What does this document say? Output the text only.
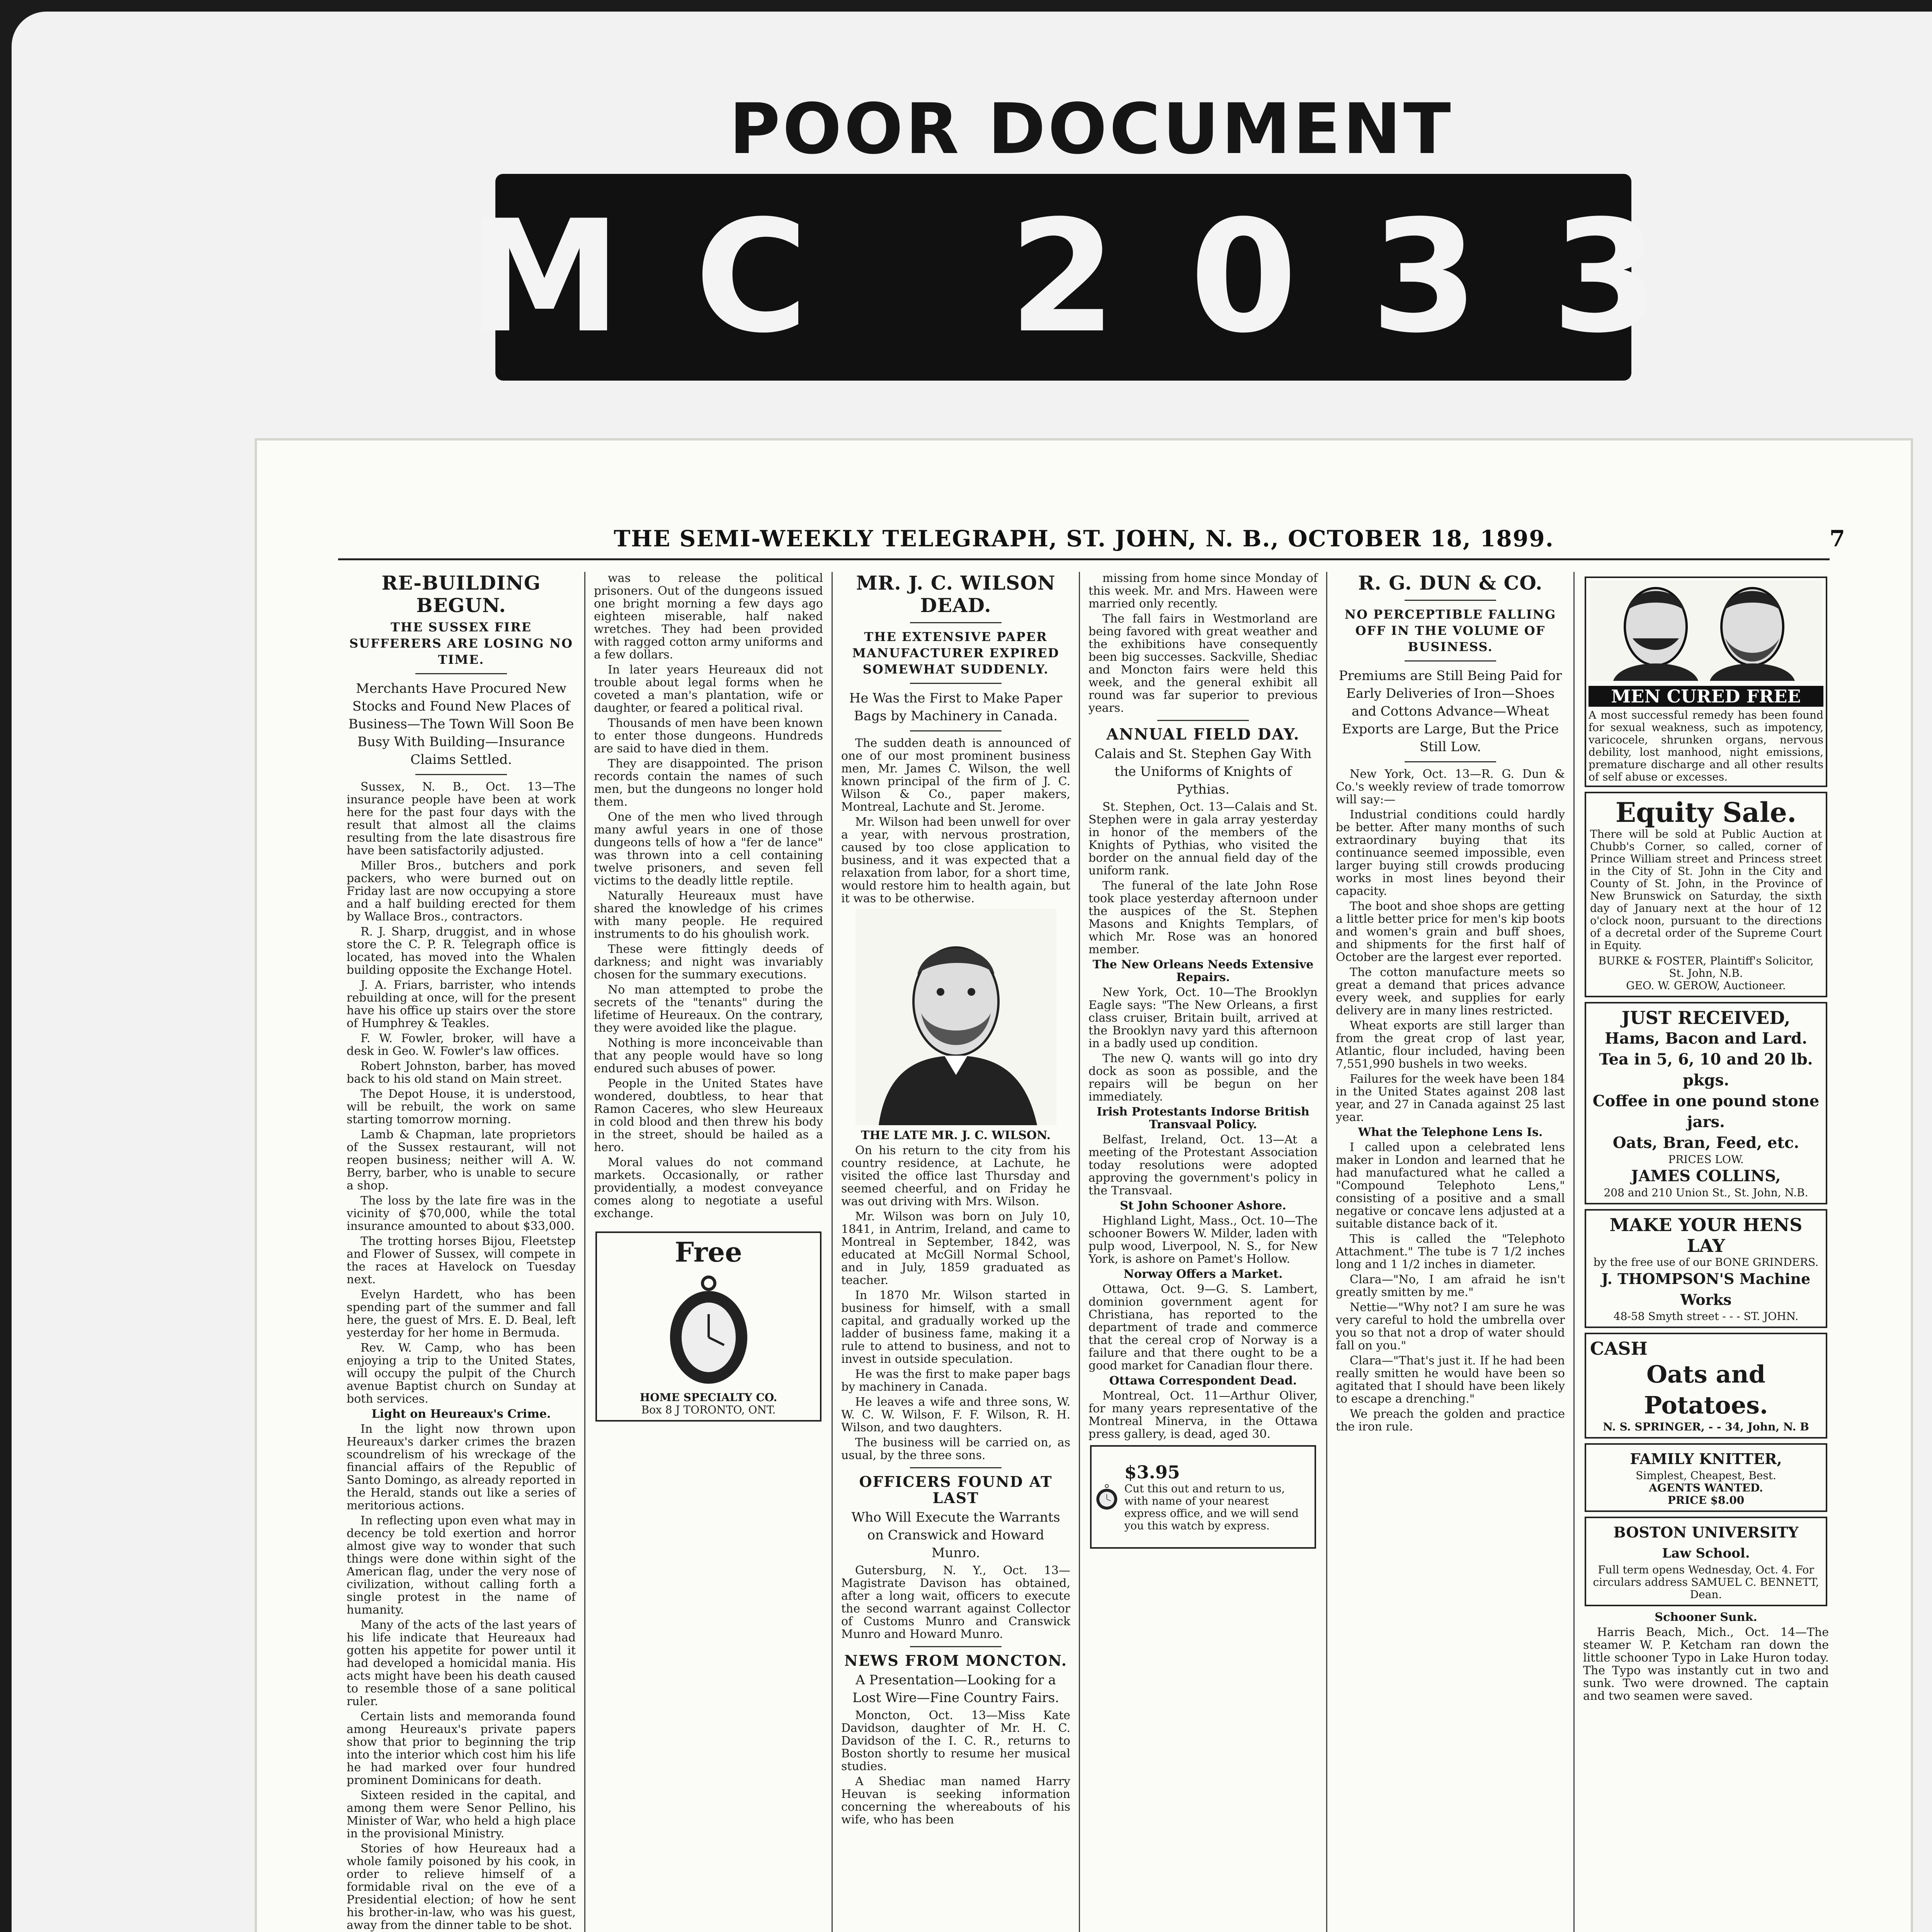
POOR DOCUMENT
MC 2033
THE SEMI-WEEKLY TELEGRAPH, ST. JOHN, N. B., OCTOBER 18, 1899.	7

RE-BUILDING BEGUN.

THE SUSSEX FIRE SUFFERERS ARE LOSING NO TIME.

Merchants Have Procured New Stocks and Found New Places of Business—The Town Will Soon Be Busy With Building—Insurance Claims Settled.

Sussex, N. B., Oct. 13—The insurance people have been at work here for the past four days with the result that almost all the claims resulting from the late disastrous fire have been satisfactorily adjusted.

Miller Bros., butchers and pork packers, who were burned out on Friday last are now occupying a store and a half building erected for them by Wallace Bros., contractors.

R. J. Sharp, druggist, and in whose store the C. P. R. Telegraph office is located, has moved into the Whalen building opposite the Exchange Hotel.

J. A. Friars, barrister, who intends rebuilding at once, will for the present have his office up stairs over the store of Humphrey & Teakles.

F. W. Fowler, broker, will have a desk in Geo. W. Fowler's law offices.

Robert Johnston, barber, has moved back to his old stand on Main street.

The Depot House, it is understood, will be rebuilt, the work on same starting tomorrow morning.

Lamb & Chapman, late proprietors of the Sussex restaurant, will not reopen business; neither will A. W. Berry, barber, who is unable to secure a shop.

The loss by the late fire was in the vicinity of $70,000, while the total insurance amounted to about $33,000.

The trotting horses Bijou, Fleetstep and Flower of Sussex, will compete in the races at Havelock on Tuesday next.

Evelyn Hardett, who has been spending part of the summer and fall here, the guest of Mrs. E. D. Beal, left yesterday for her home in Bermuda.

Rev. W. Camp, who has been enjoying a trip to the United States, will occupy the pulpit of the Church avenue Baptist church on Sunday at both services.

Light on Heureaux's Crime.

In the light now thrown upon Heureaux's darker crimes the brazen scoundrelism of his wreckage of the financial affairs of the Republic of Santo Domingo, as already reported in the Herald, stands out like a series of meritorious actions.

In reflecting upon even what may in decency be told exertion and horror almost give way to wonder that such things were done within sight of the American flag, under the very nose of civilization, without calling forth a single protest in the name of humanity.

Many of the acts of the last years of his life indicate that Heureaux had gotten his appetite for power until it had developed a homicidal mania. His acts might have been his death caused to resemble those of a sane political ruler.

Certain lists and memoranda found among Heureaux's private papers show that prior to beginning the trip into the interior which cost him his life he had marked over four hundred prominent Dominicans for death.

Sixteen resided in the capital, and among them were Senor Pellino, his Minister of War, who held a high place in the provisional Ministry.

Stories of how Heureaux had a whole family poisoned by his cook, in order to relieve himself of a formidable rival on the eve of a Presidential election; of how he sent his brother-in-law, who was his guest, away from the dinner table to be shot.

was to release the political prisoners. Out of the dungeons issued one bright morning a few days ago eighteen miserable, half naked wretches. They had been provided with ragged cotton army uniforms and a few dollars.

In later years Heureaux did not trouble about legal forms when he coveted a man's plantation, wife or daughter, or feared a political rival.

Thousands of men have been known to enter those dungeons. Hundreds are said to have died in them.

They are disappointed. The prison records contain the names of such men, but the dungeons no longer hold them.

One of the men who lived through many awful years in one of those dungeons tells of how a "fer de lance" was thrown into a cell containing twelve prisoners, and seven fell victims to the deadly little reptile.

Naturally Heureaux must have shared the knowledge of his crimes with many people. He required instruments to do his ghoulish work.

These were fittingly deeds of darkness; and night was invariably chosen for the summary executions.

No man attempted to probe the secrets of the "tenants" during the lifetime of Heureaux. On the contrary, they were avoided like the plague.

Nothing is more inconceivable than that any people would have so long endured such abuses of power.

People in the United States have wondered, doubtless, to hear that Ramon Caceres, who slew Heureaux in cold blood and then threw his body in the street, should be hailed as a hero.

Moral values do not command markets. Occasionally, or rather providentially, a modest conveyance comes along to negotiate a useful exchange.

Free
HOME SPECIALTY CO.
Box 8 J TORONTO, ONT.

MR. J. C. WILSON DEAD.

THE EXTENSIVE PAPER MANUFACTURER EXPIRED SOMEWHAT SUDDENLY.

He Was the First to Make Paper Bags by Machinery in Canada.

The sudden death is announced of one of our most prominent business men, Mr. James C. Wilson, the well known principal of the firm of J. C. Wilson & Co., paper makers, Montreal, Lachute and St. Jerome.

Mr. Wilson had been unwell for over a year, with nervous prostration, caused by too close application to business, and it was expected that a relaxation from labor, for a short time, would restore him to health again, but it was to be otherwise.

THE LATE MR. J. C. WILSON.

On his return to the city from his country residence, at Lachute, he visited the office last Thursday and seemed cheerful, and on Friday he was out driving with Mrs. Wilson.

Mr. Wilson was born on July 10, 1841, in Antrim, Ireland, and came to Montreal in September, 1842, was educated at McGill Normal School, and in July, 1859 graduated as teacher.

In 1870 Mr. Wilson started in business for himself, with a small capital, and gradually worked up the ladder of business fame, making it a rule to attend to business, and not to invest in outside speculation.

He was the first to make paper bags by machinery in Canada.

He leaves a wife and three sons, W. W. C. W. Wilson, F. F. Wilson, R. H. Wilson, and two daughters.

The business will be carried on, as usual, by the three sons.

OFFICERS FOUND AT LAST

Who Will Execute the Warrants on Cranswick and Howard Munro.

Gutersburg, N. Y., Oct. 13—Magistrate Davison has obtained, after a long wait, officers to execute the second warrant against Collector of Customs Munro and Cranswick Munro and Howard Munro.

NEWS FROM MONCTON.

A Presentation—Looking for a Lost Wire—Fine Country Fairs.

Moncton, Oct. 13—Miss Kate Davidson, daughter of Mr. H. C. Davidson of the I. C. R., returns to Boston shortly to resume her musical studies.

A Shediac man named Harry Heuvan is seeking information concerning the whereabouts of his wife, who has been

missing from home since Monday of this week. Mr. and Mrs. Haween were married only recently.

The fall fairs in Westmorland are being favored with great weather and the exhibitions have consequently been big successes. Sackville, Shediac and Moncton fairs were held this week, and the general exhibit all round was far superior to previous years.

ANNUAL FIELD DAY.

Calais and St. Stephen Gay With the Uniforms of Knights of Pythias.

St. Stephen, Oct. 13—Calais and St. Stephen were in gala array yesterday in honor of the members of the Knights of Pythias, who visited the border on the annual field day of the uniform rank.

The funeral of the late John Rose took place yesterday afternoon under the auspices of the St. Stephen Masons and Knights Templars, of which Mr. Rose was an honored member.

The New Orleans Needs Extensive Repairs.

New York, Oct. 10—The Brooklyn Eagle says: "The New Orleans, a first class cruiser, Britain built, arrived at the Brooklyn navy yard this afternoon in a badly used up condition.

The new Q. wants will go into dry dock as soon as possible, and the repairs will be begun on her immediately.

Irish Protestants Indorse British Transvaal Policy.

Belfast, Ireland, Oct. 13—At a meeting of the Protestant Association today resolutions were adopted approving the government's policy in the Transvaal.

St John Schooner Ashore.

Highland Light, Mass., Oct. 10—The schooner Bowers W. Milder, laden with pulp wood, Liverpool, N. S., for New York, is ashore on Pamet's Hollow.

Norway Offers a Market.

Ottawa, Oct. 9—G. S. Lambert, dominion government agent for Christiana, has reported to the department of trade and commerce that the cereal crop of Norway is a failure and that there ought to be a good market for Canadian flour there.

Ottawa Correspondent Dead.

Montreal, Oct. 11—Arthur Oliver, for many years representative of the Montreal Minerva, in the Ottawa press gallery, is dead, aged 30.

$3.95
Cut this out and return to us, with name of your nearest express office, and we will send you this watch by express.

R. G. DUN & CO.

NO PERCEPTIBLE FALLING OFF IN THE VOLUME OF BUSINESS.

Premiums are Still Being Paid for Early Deliveries of Iron—Shoes and Cottons Advance—Wheat Exports are Large, But the Price Still Low.

New York, Oct. 13—R. G. Dun & Co.'s weekly review of trade tomorrow will say:—

Industrial conditions could hardly be better. After many months of such extraordinary buying that its continuance seemed impossible, even larger buying still crowds producing works in most lines beyond their capacity.

The boot and shoe shops are getting a little better price for men's kip boots and women's grain and buff shoes, and shipments for the first half of October are the largest ever reported.

The cotton manufacture meets so great a demand that prices advance every week, and supplies for early delivery are in many lines restricted.

Wheat exports are still larger than from the great crop of last year, Atlantic, flour included, having been 7,551,990 bushels in two weeks.

Failures for the week have been 184 in the United States against 208 last year, and 27 in Canada against 25 last year.

What the Telephone Lens Is.

I called upon a celebrated lens maker in London and learned that he had manufactured what he called a "Compound Telephoto Lens," consisting of a positive and a small negative or concave lens adjusted at a suitable distance back of it.

This is called the "Telephoto Attachment." The tube is 7 1/2 inches long and 1 1/2 inches in diameter.

Clara—"No, I am afraid he isn't greatly smitten by me."

Nettie—"Why not? I am sure he was very careful to hold the umbrella over you so that not a drop of water should fall on you."

Clara—"That's just it. If he had been really smitten he would have been so agitated that I should have been likely to escape a drenching."

We preach the golden and practice the iron rule.

MEN CURED FREE
A most successful remedy has been found for sexual weakness, such as impotency, varicocele, shrunken organs, nervous debility, lost manhood, night emissions, premature discharge and all other results of self abuse or excesses.
Equity Sale.
There will be sold at Public Auction at Chubb's Corner, so called, corner of Prince William street and Princess street in the City of St. John in the City and County of St. John, in the Province of New Brunswick on Saturday, the sixth day of January next at the hour of 12 o'clock noon, pursuant to the directions of a decretal order of the Supreme Court in Equity.
BURKE & FOSTER, Plaintiff's Solicitor, St. John, N.B.
GEO. W. GEROW, Auctioneer.
JUST RECEIVED,
Hams, Bacon and Lard.
Tea in 5, 6, 10 and 20 lb. pkgs.
Coffee in one pound stone jars.
Oats, Bran, Feed, etc.
PRICES LOW.
JAMES COLLINS,
208 and 210 Union St., St. John, N.B.
MAKE YOUR HENS LAY
by the free use of our BONE GRINDERS.
J. THOMPSON'S Machine Works
48-58 Smyth street - - - ST. JOHN.
CASH
Oats and Potatoes.
N. S. SPRINGER, - - 34, John, N. B
FAMILY KNITTER,
Simplest, Cheapest, Best.
AGENTS WANTED.
PRICE $8.00
BOSTON UNIVERSITY
Law School.
Full term opens Wednesday, Oct. 4. For circulars address SAMUEL C. BENNETT, Dean.

Schooner Sunk.

Harris Beach, Mich., Oct. 14—The steamer W. P. Ketcham ran down the little schooner Typo in Lake Huron today. The Typo was instantly cut in two and sunk. Two were drowned. The captain and two seamen were saved.
